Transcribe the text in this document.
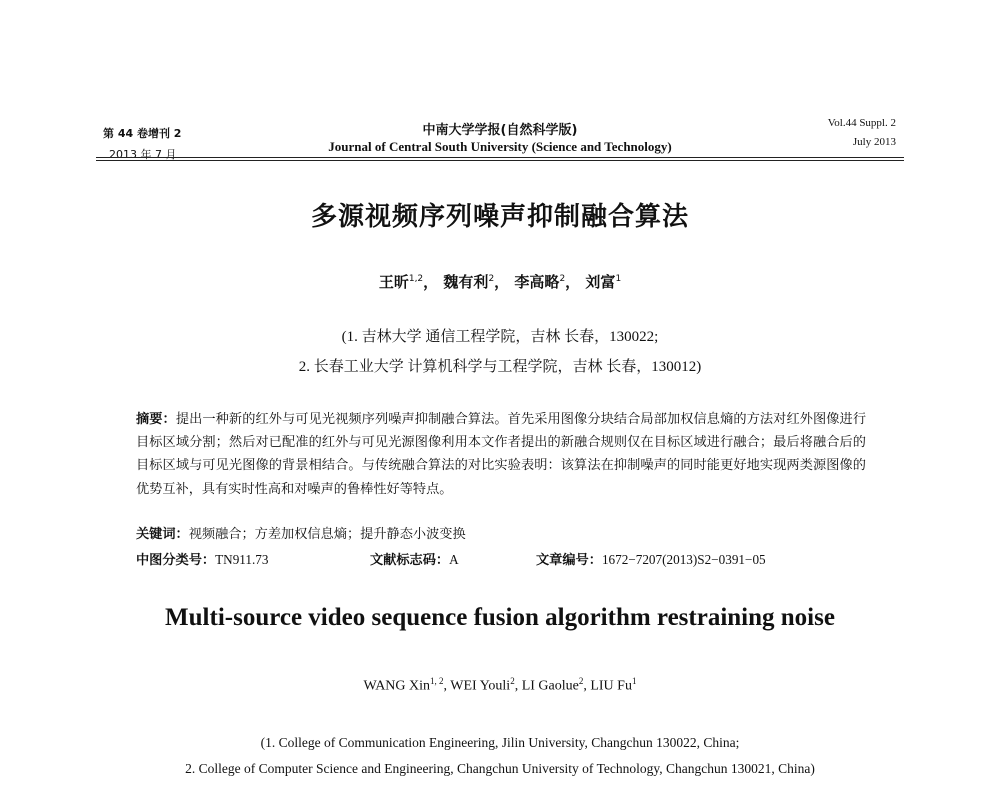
第 44 卷增刊 2
2013 年 7 月
中南大学学报(自然科学版)
Journal of Central South University (Science and Technology)
Vol.44 Suppl. 2
July 2013
多源视频序列噪声抑制融合算法
王昕$^{1,2}$， 魏有利$^2$， 李高略$^2$， 刘富$^1$
(1. 吉林大学 通信工程学院，吉林 长春，130022;
2. 长春工业大学 计算机科学与工程学院，吉林 长春，130012)
摘要：提出一种新的红外与可见光视频序列噪声抑制融合算法。首先采用图像分块结合局部加权信息熵的方法对红外图像进行目标区域分割；然后对已配准的红外与可见光源图像利用本文作者提出的新融合规则仅在目标区域进行融合；最后将融合后的目标区域与可见光图像的背景相结合。与传统融合算法的对比实验表明：该算法在抑制噪声的同时能更好地实现两类源图像的优势互补，具有实时性高和对噪声的鲁棒性好等特点。
关键词：视频融合；方差加权信息熵；提升静态小波变换
中图分类号：TN911.73	文献标志码：A	文章编号：1672−7207(2013)S2−0391−05
Multi-source video sequence fusion algorithm restraining noise
WANG Xin$^{1, 2}$, WEI Youli$^2$, LI Gaolue$^2$, LIU Fu$^1$
(1. College of Communication Engineering, Jilin University, Changchun 130022, China;
2. College of Computer Science and Engineering, Changchun University of Technology, Changchun 130021, China)
